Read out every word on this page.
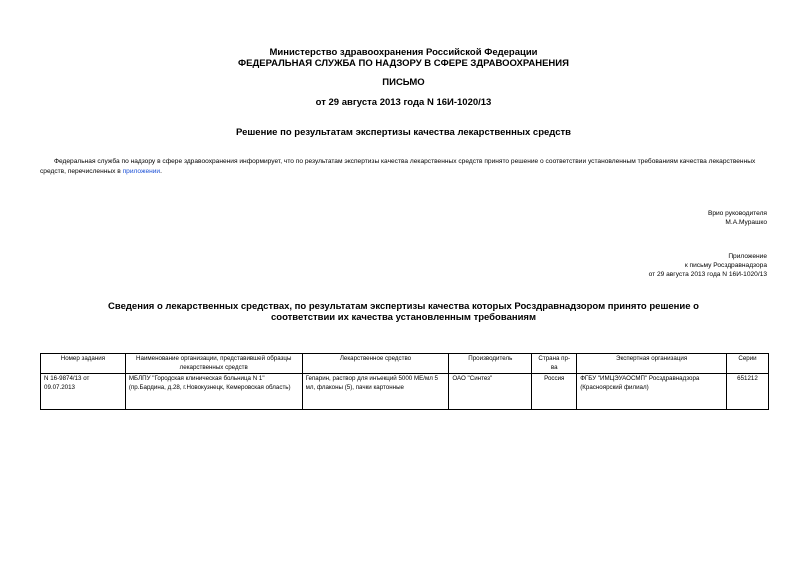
Министерство здравоохранения Российской Федерации
ФЕДЕРАЛЬНАЯ СЛУЖБА ПО НАДЗОРУ В СФЕРЕ ЗДРАВООХРАНЕНИЯ
ПИСЬМО
от 29 августа 2013 года N 16И-1020/13
Решение по результатам экспертизы качества лекарственных средств
Федеральная служба по надзору в сфере здравоохранения информирует, что по результатам экспертизы качества лекарственных средств принято решение о соответствии установленным требованиям качества лекарственных средств, перечисленных в приложении.
Врио руководителя
М.А.Мурашко
Приложение
к письму Росздравнадзора
от 29 августа 2013 года N 16И-1020/13
Сведения о лекарственных средствах, по результатам экспертизы качества которых Росздравнадзором принято решение о соответствии их качества установленным требованиям
Номер задания	Наименование организации, представившей образцы лекарственных средств	Лекарственное средство	Производитель	Страна пр-ва	Экспертная организация	Серии
N 16-9874/13 от 09.07.2013	МБЛПУ "Городская клиническая больница N 1" (пр.Бардина, д.28, г.Новокузнецк, Кемеровская область)	Гепарин, раствор для инъекций 5000 МЕ/мл 5 мл, флаконы (5), пачки картонные	ОАО "Синтез"	Россия	ФГБУ "ИМЦЭУАОСМП" Росздравнадзора (Красноярский филиал)	651212
